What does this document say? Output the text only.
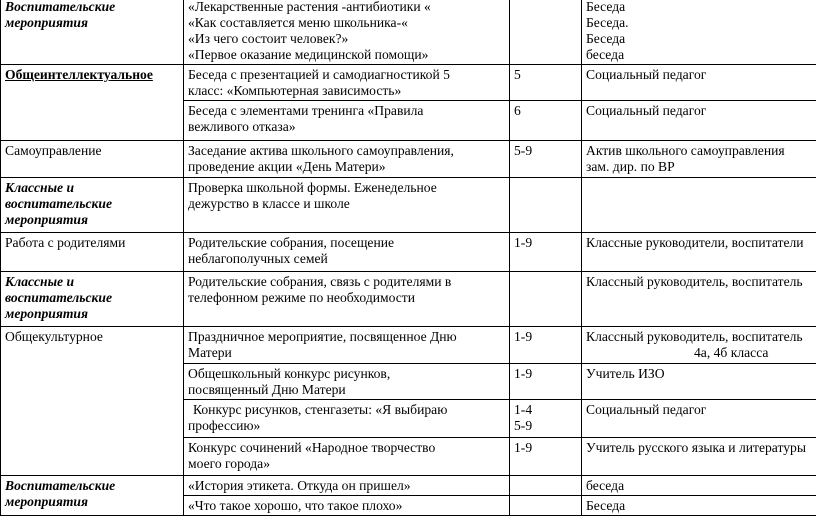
Воспитательские
мероприятия	«Лекарственные растения -антибиотики «
«Как составляется меню школьника-«
«Из чего состоит человек?»
«Первое оказание медицинской помощи»		Беседа
Беседа.
Беседа
беседа

Общеинтеллектуальное	Беседа с презентацией и самодиагностикой 5
класс: «Компьютерная зависимость»	5	Социальный педагог

	Беседа с элементами тренинга «Правила
вежливого отказа»	6	Социальный педагог

Самоуправление	Заседание актива школьного самоуправления,
проведение акции «День Матери»	5-9	Актив школьного самоуправления
зам. дир. по ВР

Классные и
воспитательские
мероприятия	Проверка школьной формы. Еженедельное
дежурство в классе и школе		

Работа с родителями	Родительские собрания, посещение
неблагополучных семей	1-9	Классные руководители, воспитатели

Классные и
воспитательские
мероприятия	Родительские собрания, связь с родителями в
телефонном режиме по необходимости		Классный руководитель, воспитатель

Общекультурное	Праздничное мероприятие, посвященное Дню
Матери	1-9	Классный руководитель, воспитатель
4а, 4б класса

	Общешкольный конкурс рисунков,
посвященный Дню Матери	1-9	Учитель ИЗО

	Конкурс рисунков, стенгазеты: «Я выбираю
профессию»	1-4
5-9	Социальный педагог

	Конкурс сочинений «Народное творчество
моего города»	1-9	Учитель русского языка и литературы

Воспитательские
мероприятия	«История этикета. Откуда он пришел»		беседа

	«Что такое хорошо, что такое плохо»		Беседа
